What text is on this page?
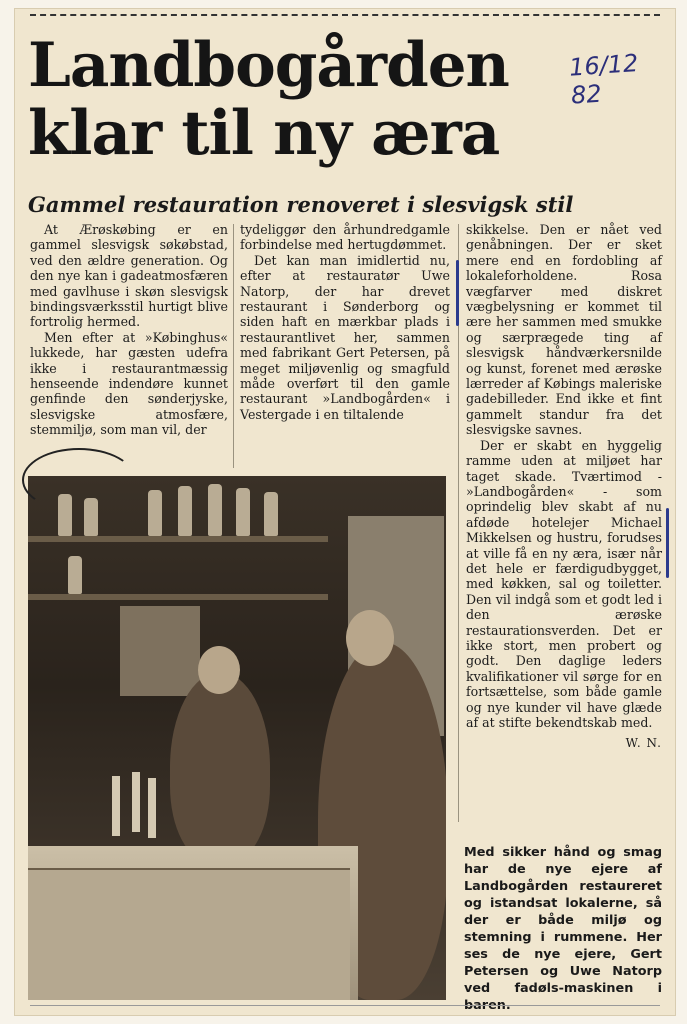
Landbogården
klar til ny æra
16/12 82
Gammel restauration renoveret i slesvigsk stil

At Ærøskøbing er en gammel slesvigsk søkøbstad, ved den ældre generation. Og den nye kan i gadeatmosfæren med gavlhuse i skøn slesvigsk bindingsværksstil hurtigt blive fortrolig hermed.

Men efter at »Købinghus« lukkede, har gæsten udefra ikke i restaurantmæssig henseende indendøre kunnet genfinde den sønderjyske, slesvigske atmosfære, stemmiljø, som man vil, der

tydeliggør den århundredgamle forbindelse med hertugdømmet.

Det kan man imidlertid nu, efter at restauratør Uwe Natorp, der har drevet restaurant i Sønderborg og siden haft en mærkbar plads i restaurantlivet her, sammen med fabrikant Gert Petersen, på meget miljøvenlig og smagfuld måde overført til den gamle restaurant »Landbogården« i Vestergade i en tiltalende

skikkelse. Den er nået ved genåbningen. Der er sket mere end en fordobling af lokaleforholdene. Rosa vægfarver med diskret vægbelysning er kommet til ære her sammen med smukke og særprægede ting af slesvigsk håndværkersnilde og kunst, forenet med ærøske lærreder af Købings maleriske gadebilleder. End ikke et fint gammelt standur fra det slesvigske savnes.

Der er skabt en hyggelig ramme uden at miljøet har taget skade. Tværtimod - »Landbogården« - som oprindelig blev skabt af nu afdøde hotelejer Michael Mikkelsen og hustru, forudses at ville få en ny æra, især når det hele er færdigudbygget, med køkken, sal og toiletter. Den vil indgå som et godt led i den ærøske restaurationsverden. Det er ikke stort, men probert og godt. Den daglige leders kvalifikationer vil sørge for en fortsættelse, som både gamle og nye kunder vil have glæde af at stifte bekendtskab med.

W. N.
Med sikker hånd og smag har de nye ejere af Landbogården restaureret og istandsat lokalerne, så der er både miljø og stemning i rummene. Her ses de nye ejere, Gert Petersen og Uwe Natorp ved fadøls-maskinen i baren.
